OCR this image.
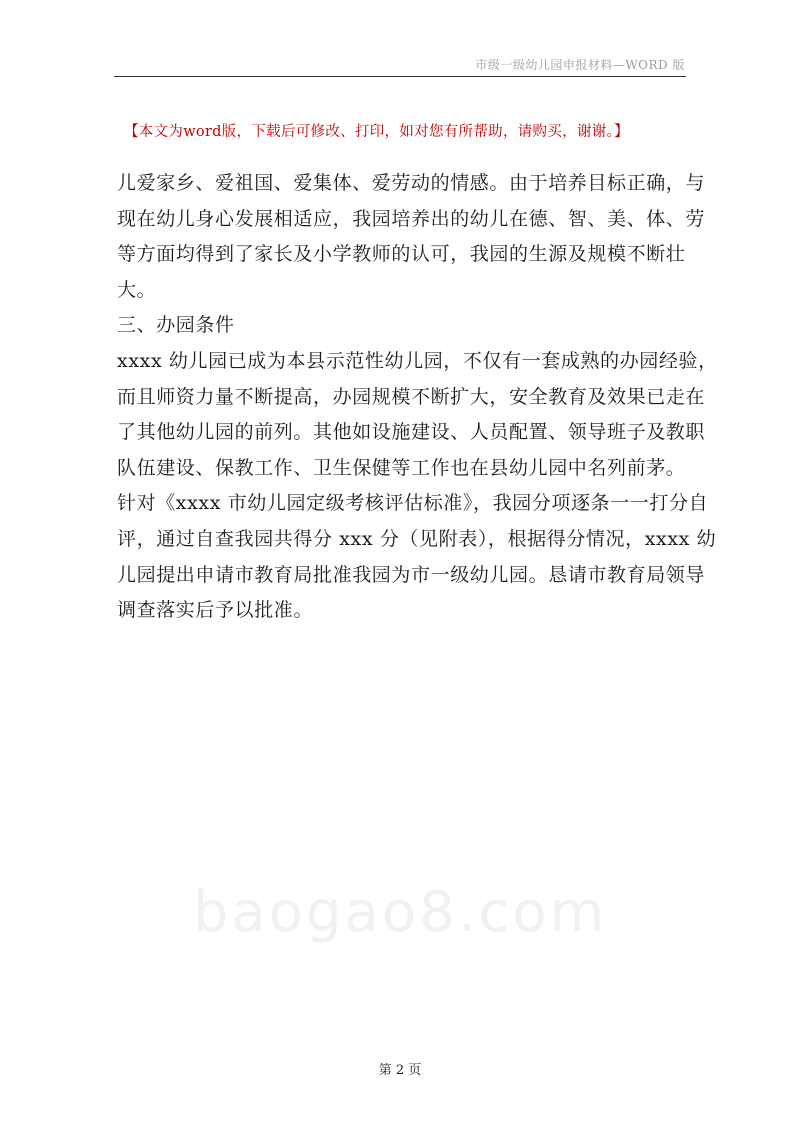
市级一级幼儿园申报材料—WORD 版
【本文为word版，下载后可修改、打印，如对您有所帮助，请购买，谢谢。】
儿爱家乡、爱祖国、爱集体、爱劳动的情感。由于培养目标正确，与
现在幼儿身心发展相适应，我园培养出的幼儿在德、智、美、体、劳
等方面均得到了家长及小学教师的认可，我园的生源及规模不断壮
大。
三、办园条件
xxxx 幼儿园已成为本县示范性幼儿园，不仅有一套成熟的办园经验，
而且师资力量不断提高，办园规模不断扩大，安全教育及效果已走在
了其他幼儿园的前列。其他如设施建设、人员配置、领导班子及教职
队伍建设、保教工作、卫生保健等工作也在县幼儿园中名列前茅。
针对《xxxx 市幼儿园定级考核评估标准》，我园分项逐条一一打分自
评，通过自查我园共得分 xxx 分（见附表），根据得分情况，xxxx 幼
儿园提出申请市教育局批准我园为市一级幼儿园。恳请市教育局领导
调查落实后予以批准。
baogao8.com
第 2 页
